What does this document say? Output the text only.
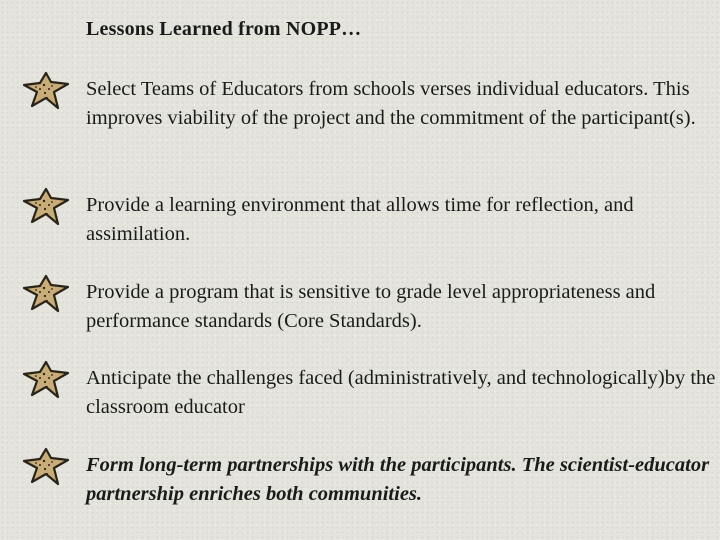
Lessons Learned from NOPP…
Select Teams of Educators from schools verses individual educators. This improves viability of the project and the commitment of the participant(s).
Provide a learning environment that allows time for reflection, and assimilation.
Provide a program that is sensitive to grade level appropriateness and performance standards (Core Standards).
Anticipate the challenges faced (administratively, and technologically)by the classroom educator
Form long-term partnerships with the participants. The scientist-educator partnership enriches both communities.
